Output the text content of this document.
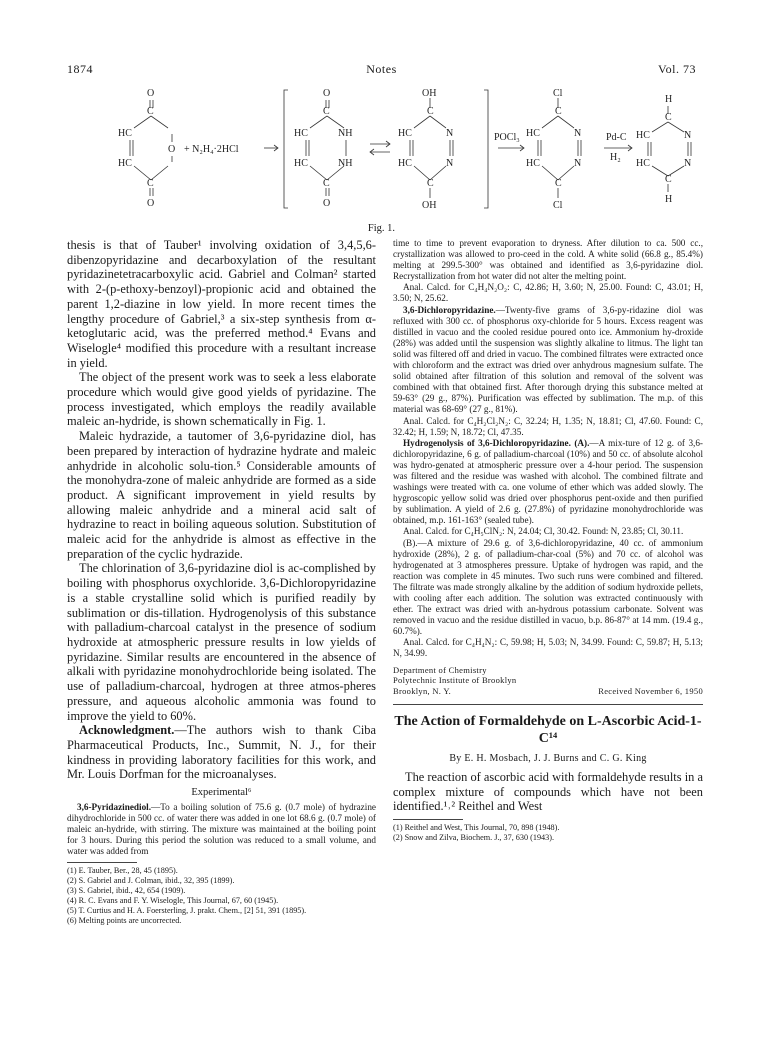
1874	Notes	Vol. 73
O
C
HC
HC
O
C
O
+ N₂H₄·2HCl
O
C
HC	NH
HC	NH
C
O
OH
C
HC	N
HC	N
C
OH
POCl₃
Cl
C
HC	N
HC	N
C
Cl
Pd-C
H₂
H
C
HC	N
HC	N
C
H
Fig. 1.

thesis is that of Tauber¹ involving oxidation of 3,4,5,6-dibenzopyridazine and decarboxylation of the resultant pyridazinetetracarboxylic acid. Gabriel and Colman² started with 2-(p-ethoxy-benzoyl)-propionic acid and obtained the parent 1,2-diazine in low yield. In more recent times the lengthy procedure of Gabriel,³ a six-step synthesis from α-ketoglutaric acid, was the preferred method.⁴ Evans and Wiselogle⁴ modified this procedure with a resultant increase in yield.

The object of the present work was to seek a less elaborate procedure which would give good yields of pyridazine. The process investigated, which employs the readily available maleic an-hydride, is shown schematically in Fig. 1.

Maleic hydrazide, a tautomer of 3,6-pyridazine diol, has been prepared by interaction of hydrazine hydrate and maleic anhydride in alcoholic solu-tion.⁵ Considerable amounts of the monohydra-zone of maleic anhydride are formed as a side product. A significant improvement in yield results by allowing maleic anhydride and a mineral acid salt of hydrazine to react in boiling aqueous solution. Substitution of maleic acid for the anhydride is almost as effective in the preparation of the cyclic hydrazide.

The chlorination of 3,6-pyridazine diol is ac-complished by boiling with phosphorus oxychloride. 3,6-Dichloropyridazine is a stable crystalline solid which is purified readily by sublimation or dis-tillation. Hydrogenolysis of this substance with palladium-charcoal catalyst in the presence of sodium hydroxide at atmospheric pressure results in low yields of pyridazine. Similar results are encountered in the absence of alkali with pyridazine monohydrochloride being isolated. The use of palladium-charcoal, hydrogen at three atmos-pheres pressure, and aqueous alcoholic ammonia was found to improve the yield to 60%.

Acknowledgment.—The authors wish to thank Ciba Pharmaceutical Products, Inc., Summit, N. J., for their kindness in providing laboratory facilities for this work, and Mr. Louis Dorfman for the microanalyses.

Experimental⁶

3,6-Pyridazinediol.—To a boiling solution of 75.6 g. (0.7 mole) of hydrazine dihydrochloride in 500 cc. of water there was added in one lot 68.6 g. (0.7 mole) of maleic an-hydride, with stirring. The mixture was maintained at the boiling point for 3 hours. During this period the solution was reduced to a small volume, and water was added from

(1) E. Tauber, Ber., 28, 45 (1895).

(2) S. Gabriel and J. Colman, ibid., 32, 395 (1899).

(3) S. Gabriel, ibid., 42, 654 (1909).

(4) R. C. Evans and F. Y. Wiselogle, This Journal, 67, 60 (1945).

(5) T. Curtius and H. A. Foersterling, J. prakt. Chem., [2] 51, 391 (1895).

(6) Melting points are uncorrected.

time to time to prevent evaporation to dryness. After dilution to ca. 500 cc., crystallization was allowed to pro-ceed in the cold. A white solid (66.8 g., 85.4%) melting at 299.5-300° was obtained and identified as 3,6-pyridazine diol. Recrystallization from hot water did not alter the melting point.

Anal. Calcd. for C₄H₄N₂O₂: C, 42.86; H, 3.60; N, 25.00. Found: C, 43.01; H, 3.50; N, 25.62.

3,6-Dichloropyridazine.—Twenty-five grams of 3,6-py-ridazine diol was refluxed with 300 cc. of phosphorus oxy-chloride for 5 hours. Excess reagent was distilled in vacuo and the cooled residue poured onto ice. Ammonium hy-droxide (28%) was added until the suspension was slightly alkaline to litmus. The light tan solid was filtered off and dried in vacuo. The combined filtrates were extracted once with chloroform and the extract was dried over anhydrous magnesium sulfate. The solid obtained after filtration of this solution and removal of the solvent was combined with that obtained first. After thorough drying this substance melted at 59-63° (29 g., 87%). Purification was effected by sublimation. The m.p. of this material was 68-69° (27 g., 81%).

Anal. Calcd. for C₄H₂Cl₂N₂: C, 32.24; H, 1.35; N, 18.81; Cl, 47.60. Found: C, 32.42; H, 1.59; N, 18.72; Cl, 47.35.

Hydrogenolysis of 3,6-Dichloropyridazine. (A).—A mix-ture of 12 g. of 3,6-dichloropyridazine, 6 g. of palladium-charcoal (10%) and 50 cc. of absolute alcohol was hydro-genated at atmospheric pressure over a 4-hour period. The suspension was filtered and the residue was washed with alcohol. The combined filtrate and washings were treated with ca. one volume of ether which was added slowly. The hygroscopic yellow solid was dried over phosphorus pent-oxide and then purified by sublimation. A yield of 2.6 g. (27.8%) of pyridazine monohydrochloride was obtained, m.p. 161-163° (sealed tube).

Anal. Calcd. for C₄H₅ClN₂: N, 24.04; Cl, 30.42. Found: N, 23.85; Cl, 30.11.

(B).—A mixture of 29.6 g. of 3,6-dichloropyridazine, 40 cc. of ammonium hydroxide (28%), 2 g. of palladium-char-coal (5%) and 70 cc. of alcohol was hydrogenated at 3 atmospheres pressure. Uptake of hydrogen was rapid, and the reaction was complete in 45 minutes. Two such runs were combined and filtered. The filtrate was made strongly alkaline by the addition of sodium hydroxide pellets, with cooling after each addition. The solution was extracted continuously with ether. The extract was dried with an-hydrous potassium carbonate. Solvent was removed in vacuo and the residue distilled in vacuo, b.p. 86-87° at 14 mm. (19.4 g., 60.7%).

Anal. Calcd. for C₄H₄N₂: C, 59.98; H, 5.03; N, 34.99. Found: C, 59.87; H, 5.13; N, 34.99.

Department of Chemistry
Polytechnic Institute of Brooklyn
Brooklyn, N. Y.	Received November 6, 1950
The Action of Formaldehyde on L-Ascorbic Acid-1-C¹⁴
By E. H. Mosbach, J. J. Burns and C. G. King

The reaction of ascorbic acid with formaldehyde results in a complex mixture of compounds which have not been identified.¹˒² Reithel and West

(1) Reithel and West, This Journal, 70, 898 (1948).

(2) Snow and Zilva, Biochem. J., 37, 630 (1943).
